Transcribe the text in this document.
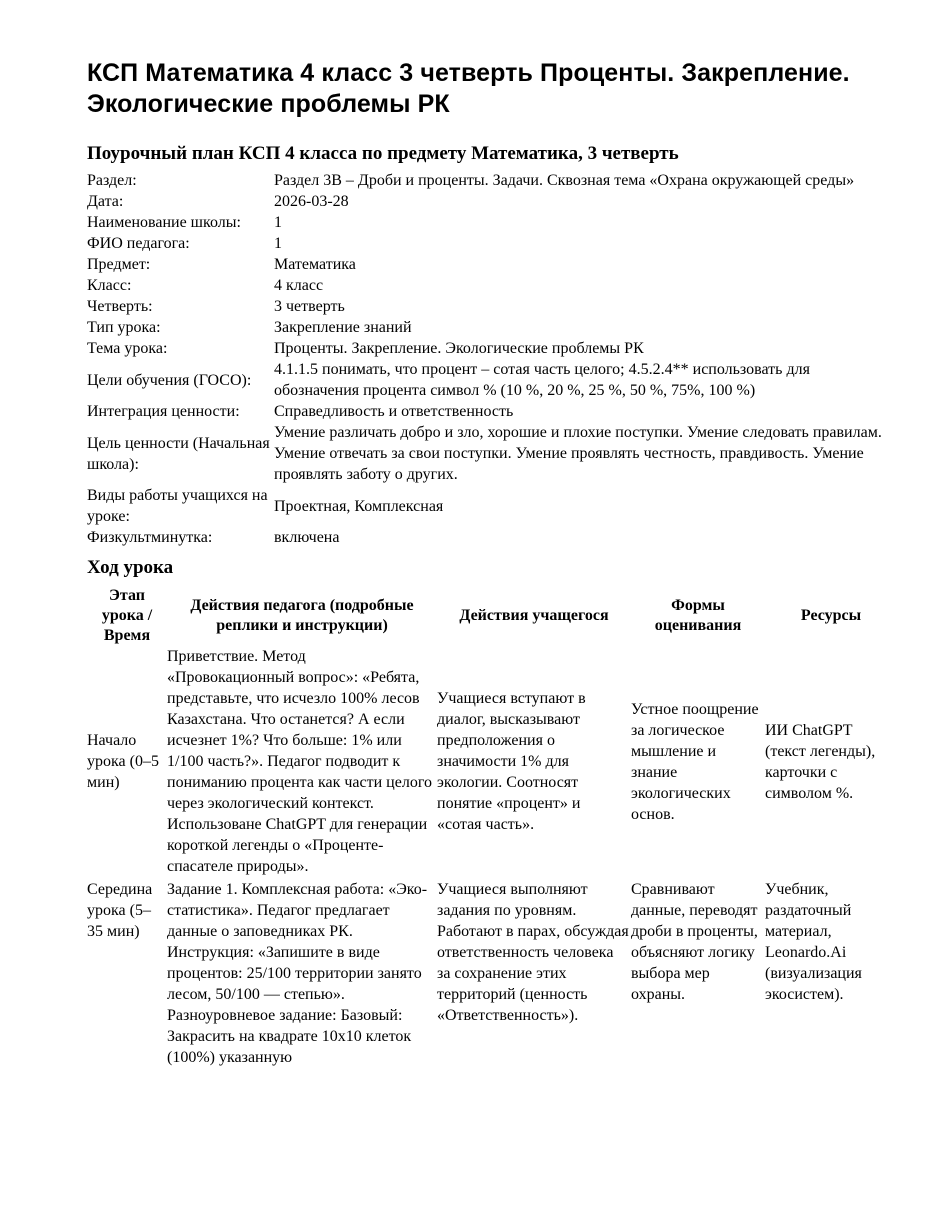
КСП Математика 4 класс 3 четверть Проценты. Закрепление. Экологические проблемы РК
Поурочный план КСП 4 класса по предмету Математика, 3 четверть
Раздел:	Раздел 3В – Дроби и проценты. Задачи. Сквозная тема «Охрана окружающей среды»
Дата:	2026-03-28
Наименование школы:	1
ФИО педагога:	1
Предмет:	Математика
Класс:	4 класс
Четверть:	3 четверть
Тип урока:	Закрепление знаний
Тема урока:	Проценты. Закрепление. Экологические проблемы РК
Цели обучения (ГОСО):	4.1.1.5 понимать, что процент – сотая часть целого; 4.5.2.4** использовать для обозначения процента символ % (10 %, 20 %, 25 %, 50 %, 75%, 100 %)
Интеграция ценности:	Справедливость и ответственность
Цель ценности (Начальная школа):	Умение различать добро и зло, хорошие и плохие поступки. Умение следовать правилам. Умение отвечать за свои поступки. Умение проявлять честность, правдивость. Умение проявлять заботу о других.
Виды работы учащихся на уроке:	Проектная, Комплексная
Физкультминутка:	включена
Ход урока
Этап урока / Время	Действия педагога (подробные реплики и инструкции)	Действия учащегося	Формы оценивания	Ресурсы
Начало урока (0–5 мин)	Приветствие. Метод «Провокационный вопрос»: «Ребята, представьте, что исчезло 100% лесов Казахстана. Что останется? А если исчезнет 1%? Что больше: 1% или 1/100 часть?». Педагог подводит к пониманию процента как части целого через экологический контекст. Использоване ChatGPT для генерации короткой легенды о «Проценте-спасателе природы».	Учащиеся вступают в диалог, высказывают предположения о значимости 1% для экологии. Соотносят понятие «процент» и «сотая часть».	Устное поощрение за логическое мышление и знание экологических основ.	ИИ ChatGPT (текст легенды), карточки с символом %.
Середина урока (5–35 мин)	Задание 1. Комплексная работа: «Эко-статистика». Педагог предлагает данные о заповедниках РК. Инструкция: «Запишите в виде процентов: 25/100 территории занято лесом, 50/100 — степью». Разноуровневое задание: Базовый: Закрасить на квадрате 10х10 клеток (100%) указанную	Учащиеся выполняют задания по уровням. Работают в парах, обсуждая ответственность человека за сохранение этих территорий (ценность «Ответственность»).	Сравнивают данные, переводят дроби в проценты, объясняют логику выбора мер охраны.	Учебник, раздаточный материал, Leonardo.Ai (визуализация экосистем).
